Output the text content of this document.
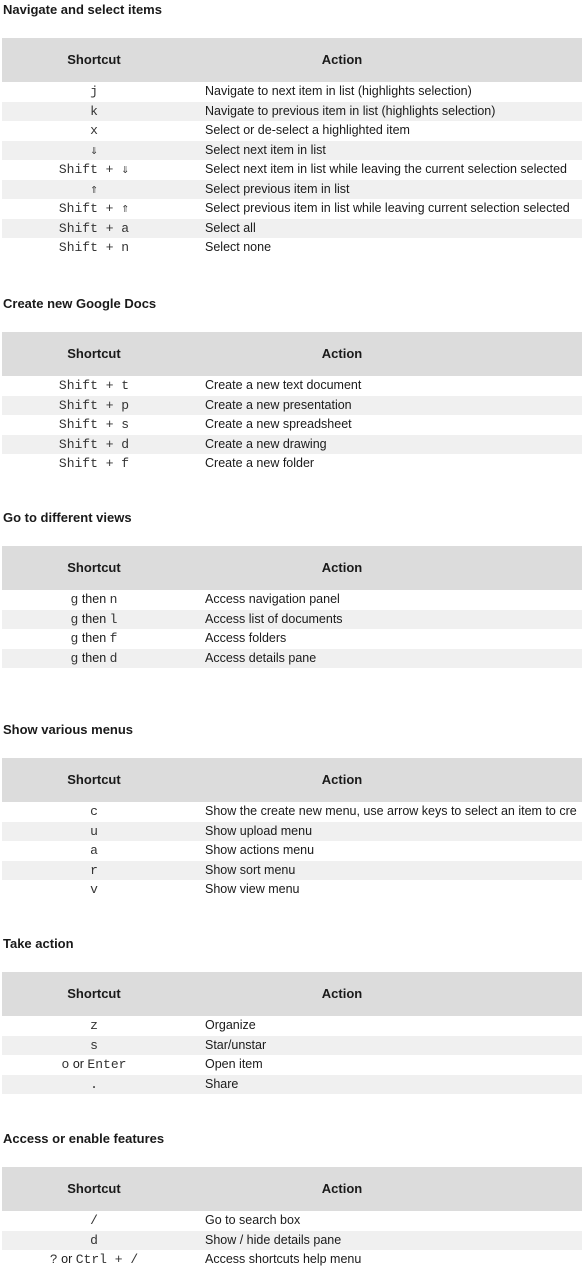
Navigate and select items
Shortcut	Action
j	Navigate to next item in list (highlights selection)
k	Navigate to previous item in list (highlights selection)
x	Select or de-select a highlighted item
⇓	Select next item in list
Shift + ⇓	Select next item in list while leaving the current selection selected
⇑	Select previous item in list
Shift + ⇑	Select previous item in list while leaving current selection selected
Shift + a	Select all
Shift + n	Select none
Create new Google Docs
Shortcut	Action
Shift + t	Create a new text document
Shift + p	Create a new presentation
Shift + s	Create a new spreadsheet
Shift + d	Create a new drawing
Shift + f	Create a new folder
Go to different views
Shortcut	Action
g then n	Access navigation panel
g then l	Access list of documents
g then f	Access folders
g then d	Access details pane
Show various menus
Shortcut	Action
c	Show the create new menu, use arrow keys to select an item to cre
u	Show upload menu
a	Show actions menu
r	Show sort menu
v	Show view menu
Take action
Shortcut	Action
z	Organize
s	Star/unstar
o or Enter	Open item
.	Share
Access or enable features
Shortcut	Action
/	Go to search box
d	Show / hide details pane
? or Ctrl + /	Access shortcuts help menu
